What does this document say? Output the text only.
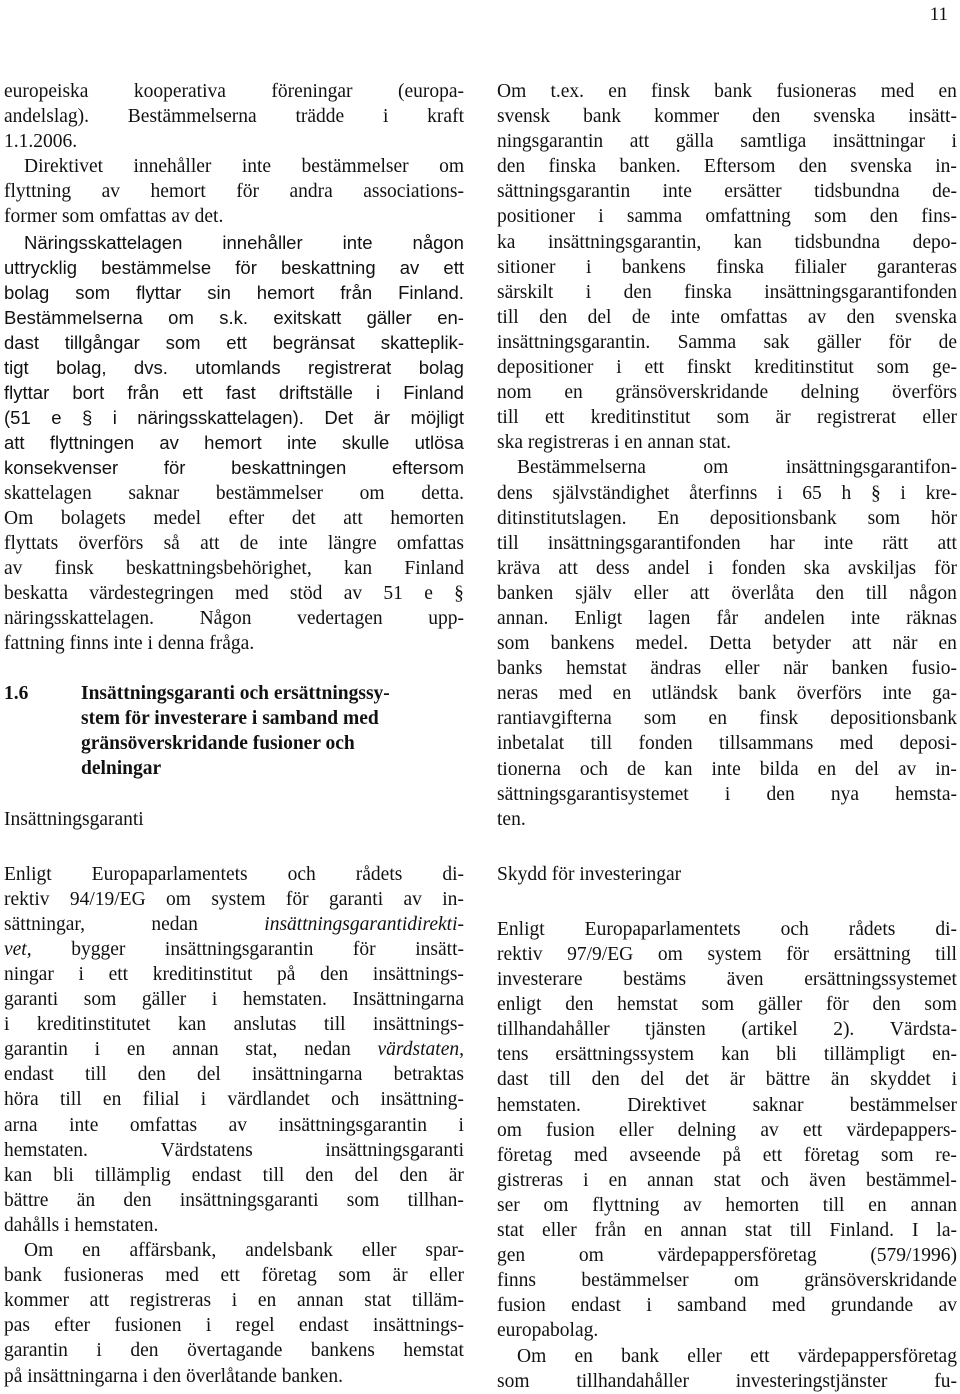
11
europeiska kooperativa föreningar (europa-
andelslag). Bestämmelserna trädde i kraft
1.1.2006.
Direktivet innehåller inte bestämmelser om
flyttning av hemort för andra associations-
former som omfattas av det.
Näringsskattelagen innehåller inte någon
uttrycklig bestämmelse för beskattning av ett
bolag som flyttar sin hemort från Finland.
Bestämmelserna om s.k. exitskatt gäller en-
dast tillgångar som ett begränsat skatteplik-
tigt bolag, dvs. utomlands registrerat bolag
flyttar bort från ett fast driftställe i Finland
(51 e § i näringsskattelagen). Det är möjligt
att flyttningen av hemort inte skulle utlösa
konsekvenser för beskattningen eftersom
skattelagen saknar bestämmelser om detta.
Om bolagets medel efter det att hemorten
flyttats överförs så att de inte längre omfattas
av finsk beskattningsbehörighet, kan Finland
beskatta värdestegringen med stöd av 51 e §
näringsskattelagen. Någon vedertagen upp-
fattning finns inte i denna fråga.
1.6	Insättningsgaranti och ersättningssy-
stem för investerare i samband med
gränsöverskridande fusioner och
delningar
Insättningsgaranti
Enligt Europaparlamentets och rådets di-
rektiv 94/19/EG om system för garanti av in-
sättningar,	nedan	insättningsgarantidirekti-
vet, bygger insättningsgarantin för insätt-
ningar i ett kreditinstitut på den insättnings-
garanti som gäller i hemstaten. Insättningarna
i kreditinstitutet kan anslutas till insättnings-
garantin i en annan stat, nedan värdstaten,
endast till den del insättningarna betraktas
höra till en filial i värdlandet och insättning-
arna inte omfattas av insättningsgarantin i
hemstaten.	Värdstatens	insättningsgaranti
kan bli tillämplig endast till den del den är
bättre än den insättningsgaranti som tillhan-
dahålls i hemstaten.
Om en affärsbank, andelsbank eller spar-
bank fusioneras med ett företag som är eller
kommer att registreras i en annan stat tilläm-
pas efter fusionen i regel endast insättnings-
garantin i den övertagande bankens hemstat
på insättningarna i den överlåtande banken.
Om t.ex. en finsk bank fusioneras med en
svensk bank kommer den svenska insätt-
ningsgarantin att gälla samtliga insättningar i
den finska banken. Eftersom den svenska in-
sättningsgarantin inte ersätter tidsbundna de-
positioner i samma omfattning som den fins-
ka insättningsgarantin, kan tidsbundna depo-
sitioner i bankens finska filialer garanteras
särskilt i den finska insättningsgarantifonden
till den del de inte omfattas av den svenska
insättningsgarantin. Samma sak gäller för de
depositioner i ett finskt kreditinstitut som ge-
nom en gränsöverskridande delning överförs
till ett kreditinstitut som är registrerat eller
ska registreras i en annan stat.
Bestämmelserna	om	insättningsgarantifon-
dens självständighet återfinns i 65 h § i kre-
ditinstitutslagen. En depositionsbank som hör
till insättningsgarantifonden har inte rätt att
kräva att dess andel i fonden ska avskiljas för
banken själv eller att överlåta den till någon
annan. Enligt lagen får andelen inte räknas
som bankens medel. Detta betyder att när en
banks hemstat ändras eller när banken fusio-
neras med en utländsk bank överförs inte ga-
rantiavgifterna som en finsk depositionsbank
inbetalat till fonden tillsammans med deposi-
tionerna och de kan inte bilda en del av in-
sättningsgarantisystemet i den nya hemsta-
ten.
Skydd för investeringar
Enligt Europaparlamentets och rådets di-
rektiv 97/9/EG om system för ersättning till
investerare bestäms även ersättningssystemet
enligt den hemstat som gäller för den som
tillhandahåller tjänsten (artikel 2). Värdsta-
tens ersättningssystem kan bli tillämpligt en-
dast till den del det är bättre än skyddet i
hemstaten. Direktivet saknar bestämmelser
om fusion eller delning av ett värdepappers-
företag med avseende på ett företag som re-
gistreras i en annan stat och även bestämmel-
ser om flyttning av hemorten till en annan
stat eller från en annan stat till Finland. I la-
gen	om	värdepappersföretag	(579/1996)
finns bestämmelser om gränsöverskridande
fusion endast i samband med grundande av
europabolag.
Om en bank eller ett värdepappersföretag
som tillhandahåller investeringstjänster fu-
